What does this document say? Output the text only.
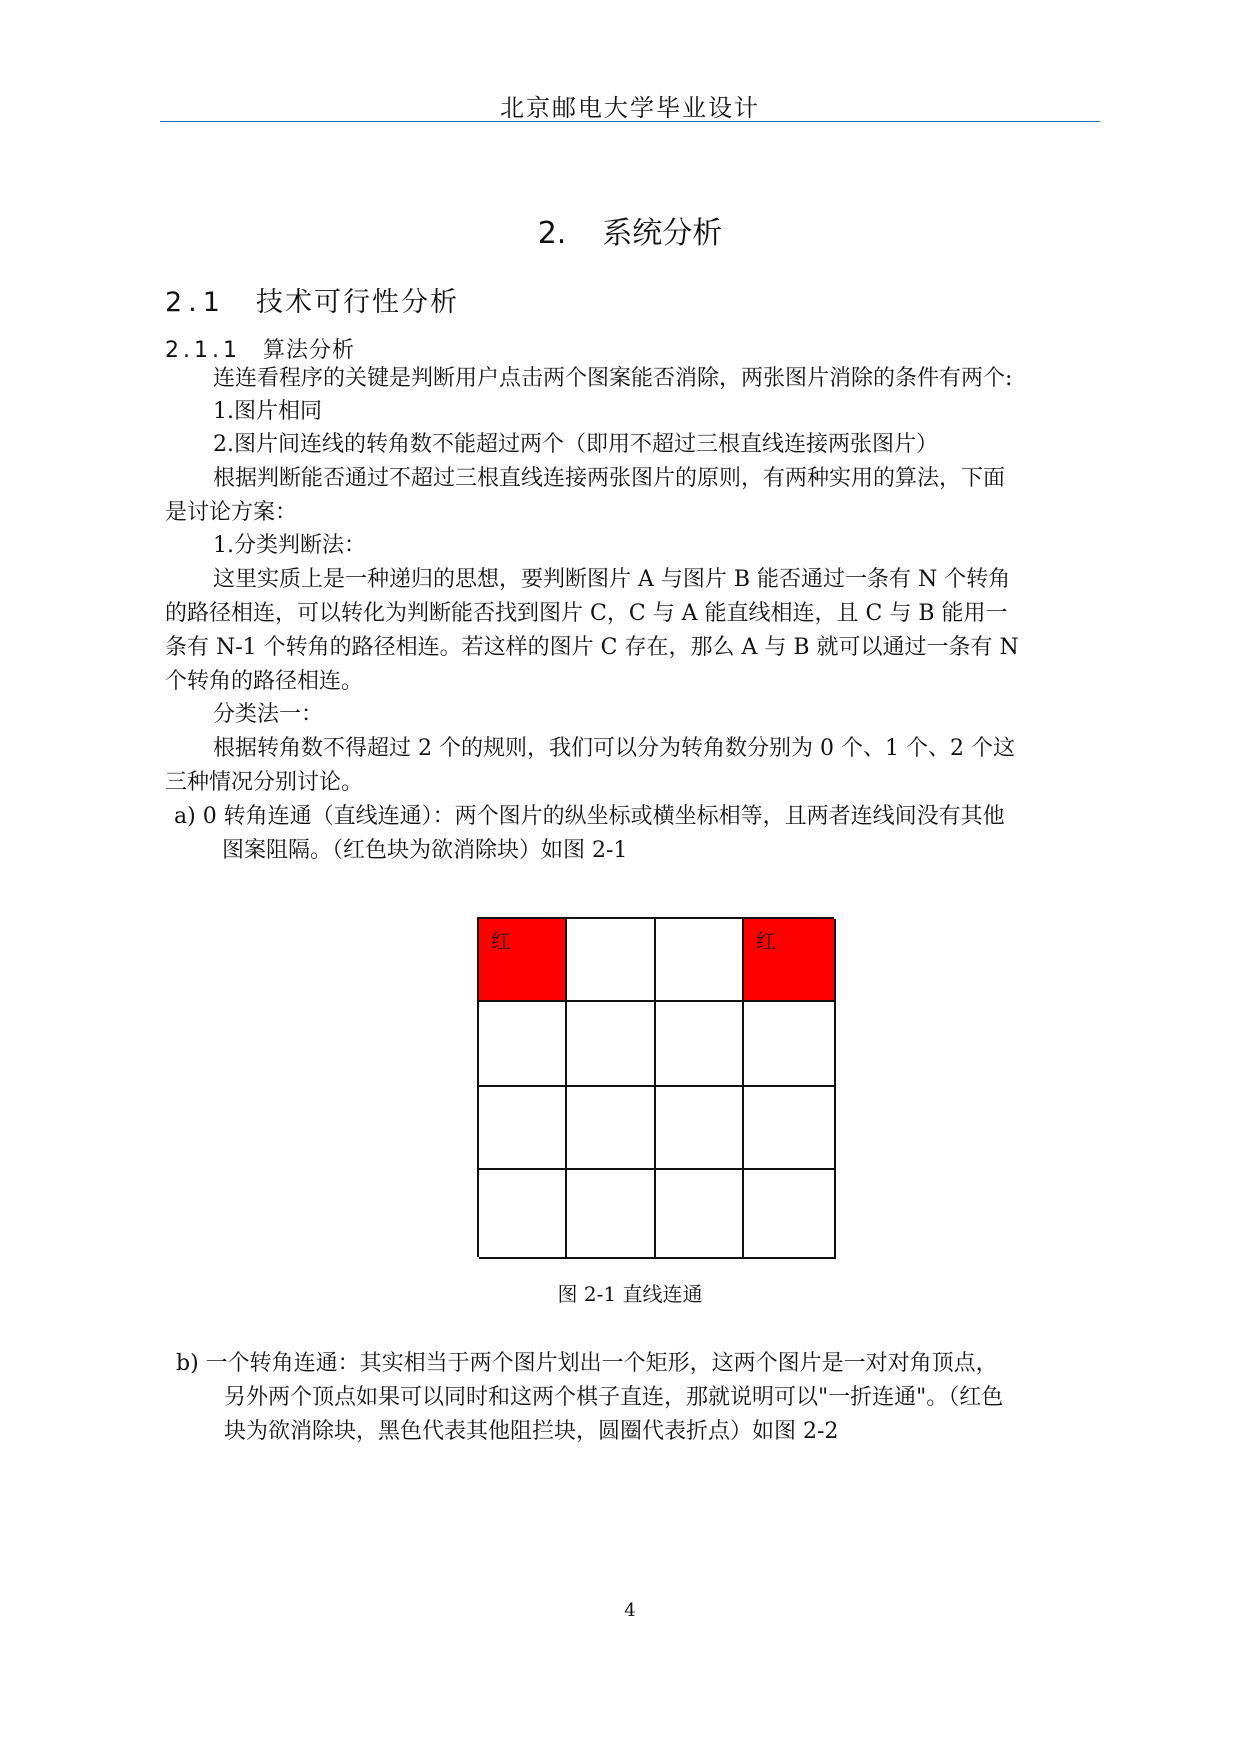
北京邮电大学毕业设计
2. 系统分析
2.1 技术可行性分析
2.1.1 算法分析
连连看程序的关键是判断用户点击两个图案能否消除，两张图片消除的条件有两个:
1.图片相同
2.图片间连线的转角数不能超过两个（即用不超过三根直线连接两张图片）
根据判断能否通过不超过三根直线连接两张图片的原则，有两种实用的算法，下面
是讨论方案：
1.分类判断法：
这里实质上是一种递归的思想，要判断图片 A 与图片 B 能否通过一条有 N 个转角
的路径相连，可以转化为判断能否找到图片 C，C 与 A 能直线相连，且 C 与 B 能用一
条有 N-1 个转角的路径相连。若这样的图片 C 存在，那么 A 与 B 就可以通过一条有 N
个转角的路径相连。
分类法一：
根据转角数不得超过 2 个的规则，我们可以分为转角数分别为 0 个、1 个、2 个这
三种情况分别讨论。
a) 0 转角连通（直线连通）：两个图片的纵坐标或横坐标相等，且两者连线间没有其他
图案阻隔。（红色块为欲消除块）如图 2-1
红	红
图 2-1 直线连通
b) 一个转角连通：其实相当于两个图片划出一个矩形，这两个图片是一对对角顶点，
另外两个顶点如果可以同时和这两个棋子直连，那就说明可以"一折连通"。（红色
块为欲消除块，黑色代表其他阻拦块，圆圈代表折点）如图 2-2
4
